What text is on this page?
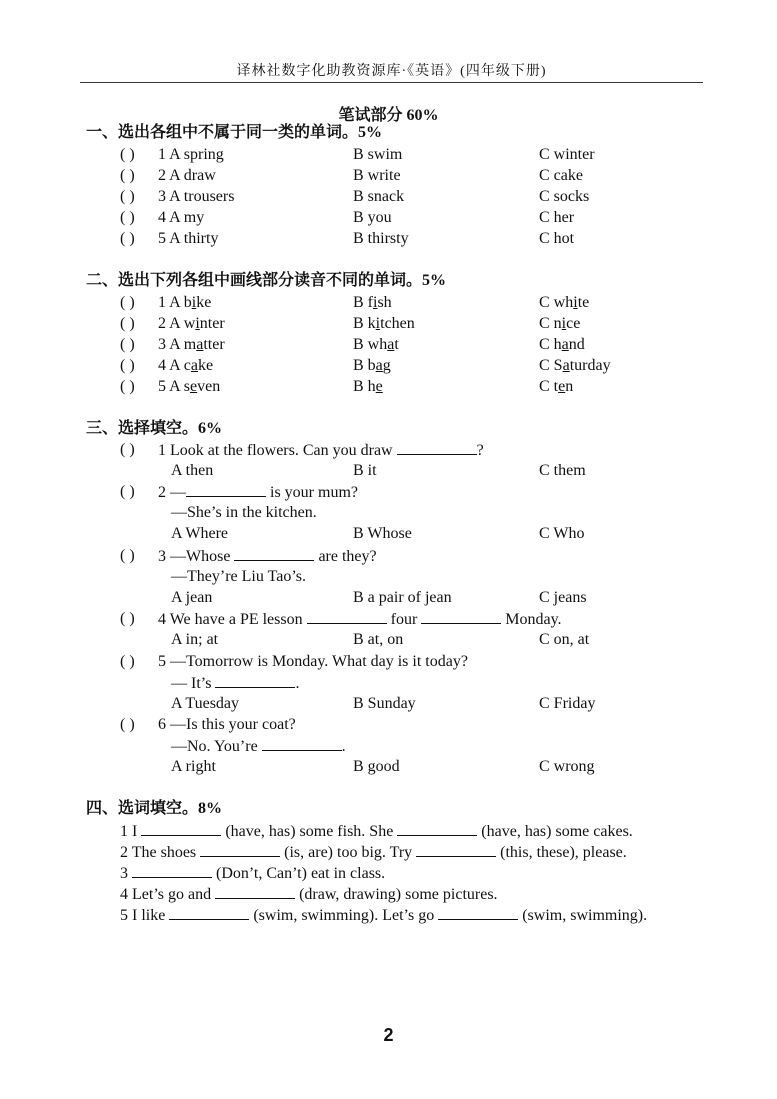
译林社数字化助教资源库·《英语》(四年级下册)
笔试部分 60%
一、选出各组中不属于同一类的单词。5%
( ) 1 A spring	B swim	C winter
( ) 2 A draw	B write	C cake
( ) 3 A trousers	B snack	C socks
( ) 4 A my	B you	C her
( ) 5 A thirty	B thirsty	C hot
二、选出下列各组中画线部分读音不同的单词。5%
( ) 1 A bike	B fish	C white
( ) 2 A winter	B kitchen	C nice
( ) 3 A matter	B what	C hand
( ) 4 A cake	B bag	C Saturday
( ) 5 A seven	B he	C ten
三、选择填空。6%
( ) 1 Look at the flowers. Can you draw	?
A then	B it	C them
( ) 2 —	is your mum?
—She’s in the kitchen.
A Where	B Whose	C Who
( ) 3 —Whose	are they?
—They’re Liu Tao’s.
A jean	B a pair of jean	C jeans
( ) 4 We have a PE lesson	four	Monday.
A in; at	B at, on	C on, at
( ) 5 —Tomorrow is Monday. What day is it today?
— It’s	.
A Tuesday	B Sunday	C Friday
( ) 6 —Is this your coat?
—No. You’re	.
A right	B good	C wrong
四、选词填空。8%
1 I	(have, has) some fish. She	(have, has) some cakes.
2 The shoes	(is, are) too big. Try	(this, these), please.
3	(Don’t, Can’t) eat in class.
4 Let’s go and	(draw, drawing) some pictures.
5 I like	(swim, swimming). Let’s go	(swim, swimming).
2
